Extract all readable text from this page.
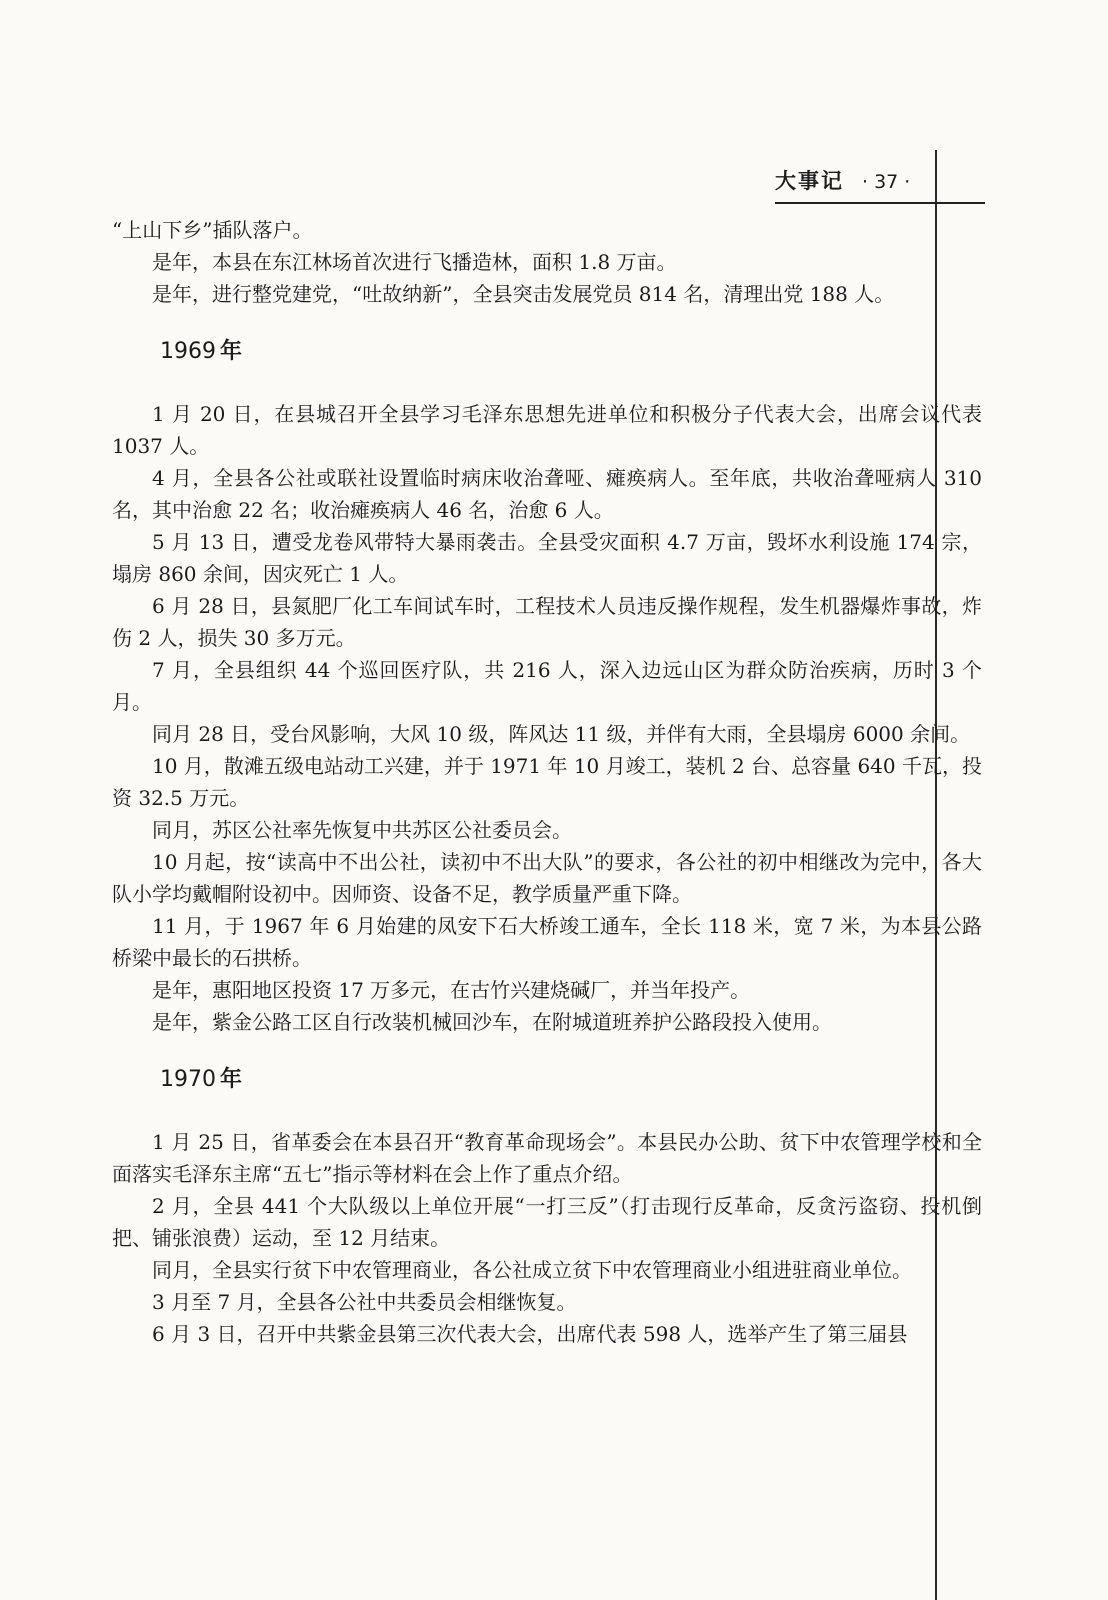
大事记 · 37 ·

“上山下乡”插队落户。

是年，本县在东江林场首次进行飞播造林，面积 1.8 万亩。

是年，进行整党建党，“吐故纳新”，全县突击发展党员 814 名，清理出党 188 人。

1969 年

1 月 20 日，在县城召开全县学习毛泽东思想先进单位和积极分子代表大会，出席会议代表 1037 人。

4 月，全县各公社或联社设置临时病床收治聋哑、瘫痪病人。至年底，共收治聋哑病人 310 名，其中治愈 22 名；收治瘫痪病人 46 名，治愈 6 人。

5 月 13 日，遭受龙卷风带特大暴雨袭击。全县受灾面积 4.7 万亩，毁坏水利设施 174 宗，塌房 860 余间，因灾死亡 1 人。

6 月 28 日，县氮肥厂化工车间试车时，工程技术人员违反操作规程，发生机器爆炸事故，炸伤 2 人，损失 30 多万元。

7 月，全县组织 44 个巡回医疗队，共 216 人，深入边远山区为群众防治疾病，历时 3 个月。

同月 28 日，受台风影响，大风 10 级，阵风达 11 级，并伴有大雨，全县塌房 6000 余间。

10 月，散滩五级电站动工兴建，并于 1971 年 10 月竣工，装机 2 台、总容量 640 千瓦，投资 32.5 万元。

同月，苏区公社率先恢复中共苏区公社委员会。

10 月起，按“读高中不出公社，读初中不出大队”的要求，各公社的初中相继改为完中，各大队小学均戴帽附设初中。因师资、设备不足，教学质量严重下降。

11 月，于 1967 年 6 月始建的凤安下石大桥竣工通车，全长 118 米，宽 7 米，为本县公路桥梁中最长的石拱桥。

是年，惠阳地区投资 17 万多元，在古竹兴建烧碱厂，并当年投产。

是年，紫金公路工区自行改装机械回沙车，在附城道班养护公路段投入使用。

1970 年

1 月 25 日，省革委会在本县召开“教育革命现场会”。本县民办公助、贫下中农管理学校和全面落实毛泽东主席“五七”指示等材料在会上作了重点介绍。

2 月，全县 441 个大队级以上单位开展“一打三反”（打击现行反革命，反贪污盗窃、投机倒把、铺张浪费）运动，至 12 月结束。

同月，全县实行贫下中农管理商业，各公社成立贫下中农管理商业小组进驻商业单位。

3 月至 7 月，全县各公社中共委员会相继恢复。

6 月 3 日，召开中共紫金县第三次代表大会，出席代表 598 人，选举产生了第三届县
